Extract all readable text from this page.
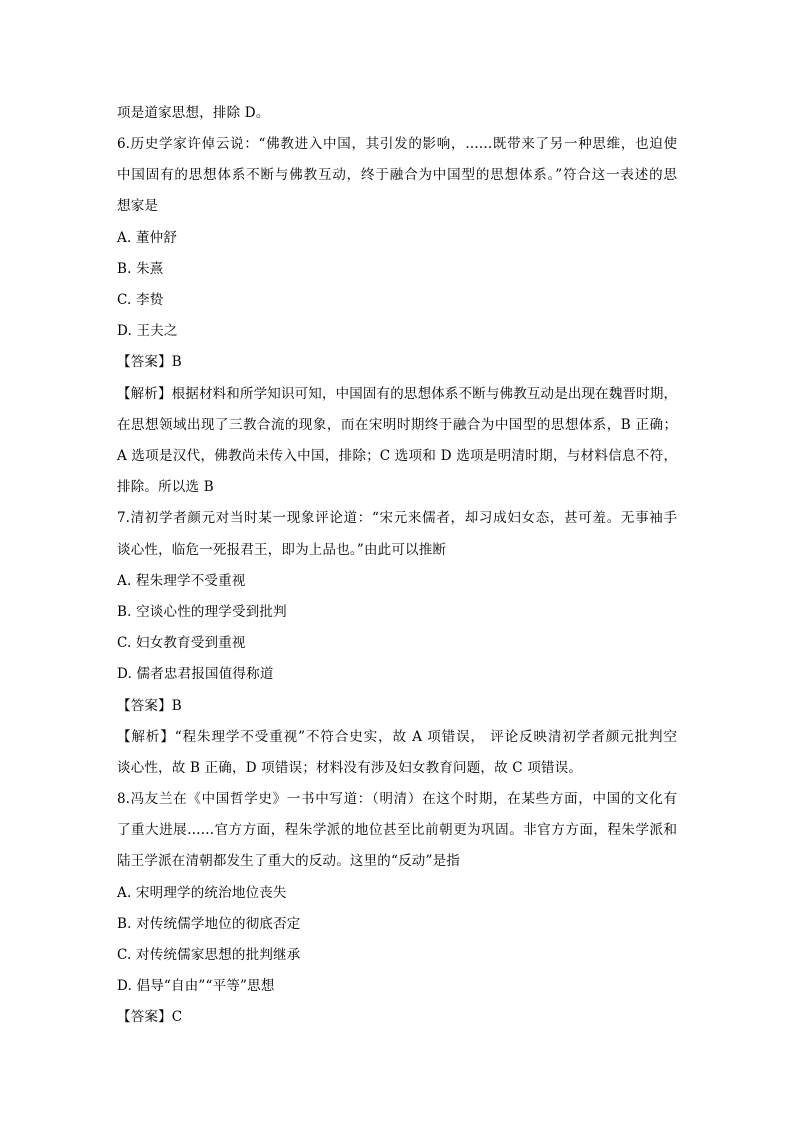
项是道家思想，排除 D。
6.历史学家许倬云说：“佛教进入中国，其引发的影响，……既带来了另一种思维，也迫使
中国固有的思想体系不断与佛教互动，终于融合为中国型的思想体系。”符合这一表述的思
想家是
A. 董仲舒
B. 朱熹
C. 李贽
D. 王夫之
【答案】B
【解析】根据材料和所学知识可知，中国固有的思想体系不断与佛教互动是出现在魏晋时期，
在思想领域出现了三教合流的现象，而在宋明时期终于融合为中国型的思想体系，B 正确；
A 选项是汉代，佛教尚未传入中国，排除；C 选项和 D 选项是明清时期，与材料信息不符，
排除。所以选 B
7.清初学者颜元对当时某一现象评论道：“宋元来儒者，却习成妇女态，甚可羞。无事袖手
谈心性，临危一死报君王，即为上品也。”由此可以推断
A. 程朱理学不受重视
B. 空谈心性的理学受到批判
C. 妇女教育受到重视
D. 儒者忠君报国值得称道
【答案】B
【解析】“程朱理学不受重视”不符合史实，故 A 项错误， 评论反映清初学者颜元批判空
谈心性，故 B 正确，D 项错误；材料没有涉及妇女教育问题，故 C 项错误。
8.冯友兰在《中国哲学史》一书中写道：（明清）在这个时期，在某些方面，中国的文化有
了重大进展……官方方面，程朱学派的地位甚至比前朝更为巩固。非官方方面，程朱学派和
陆王学派在清朝都发生了重大的反动。这里的“反动”是指
A. 宋明理学的统治地位丧失
B. 对传统儒学地位的彻底否定
C. 对传统儒家思想的批判继承
D. 倡导“自由”“平等”思想
【答案】C
